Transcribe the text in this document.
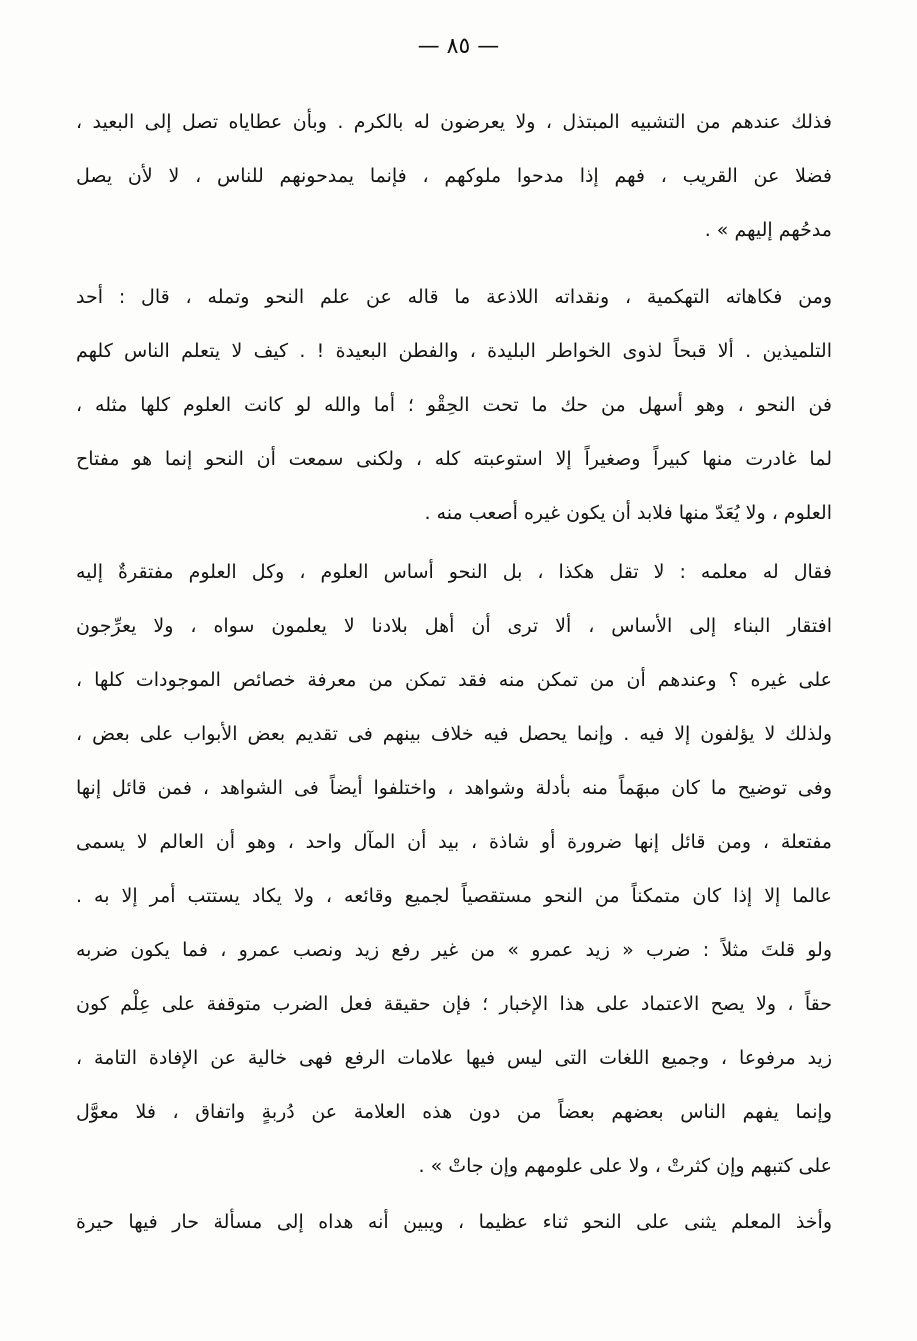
— ٨٥ —
فذلك عندهم من التشبيه المبتذل ، ولا يعرضون له بالكرم . وبأن عطاياه تصل إلى البعيد ،
فضلا عن القريب ، فهم إذا مدحوا ملوكهم ، فإنما يمدحونهم للناس ، لا لأن يصل
مدحُهم إليهم » .
ومن فكاهاته التهكمية ، ونقداته اللاذعة ما قاله عن علم النحو وتمله ، قال : أحد
التلميذين . ألا قبحاً لذوى الخواطر البليدة ، والفطن البعيدة ! . كيف لا يتعلم الناس كلهم
فن النحو ، وهو أسهل من حك ما تحت الحِقْو ؛ أما والله لو كانت العلوم كلها مثله ،
لما غادرت منها كبيراً وصغيراً إلا استوعبته كله ، ولكنى سمعت أن النحو إنما هو مفتاح
العلوم ، ولا يُعَدّ منها فلابد أن يكون غيره أصعب منه .
فقال له معلمه : لا تقل هكذا ، بل النحو أساس العلوم ، وكل العلوم مفتقرةٌ إليه
افتقار البناء إلى الأساس ، ألا ترى أن أهل بلادنا لا يعلمون سواه ، ولا يعرِّجون
على غيره ؟ وعندهم أن من تمكن منه فقد تمكن من معرفة خصائص الموجودات كلها ،
ولذلك لا يؤلفون إلا فيه . وإنما يحصل فيه خلاف بينهم فى تقديم بعض الأبواب على بعض ،
وفى توضيح ما كان مبهَماً منه بأدلة وشواهد ، واختلفوا أيضاً فى الشواهد ، فمن قائل إنها
مفتعلة ، ومن قائل إنها ضرورة أو شاذة ، بيد أن المآل واحد ، وهو أن العالم لا يسمى
عالما إلا إذا كان متمكناً من النحو مستقصياً لجميع وقائعه ، ولا يكاد يستتب أمر إلا به .
ولو قلتَ مثلاً : ضرب « زيد عمرو » من غير رفع زيد ونصب عمرو ، فما يكون ضربه
حقاً ، ولا يصح الاعتماد على هذا الإخبار ؛ فإن حقيقة فعل الضرب متوقفة على عِلْم كون
زيد مرفوعا ، وجميع اللغات التى ليس فيها علامات الرفع فهى خالية عن الإفادة التامة ،
وإنما يفهم الناس بعضهم بعضاً من دون هذه العلامة عن دُربةٍ واتفاق ، فلا معوَّل
على كتبهم وإن كثرتْ ، ولا على علومهم وإن جاتْ » .
وأخذ المعلم يثنى على النحو ثناء عظيما ، ويبين أنه هداه إلى مسألة حار فيها حيرة
